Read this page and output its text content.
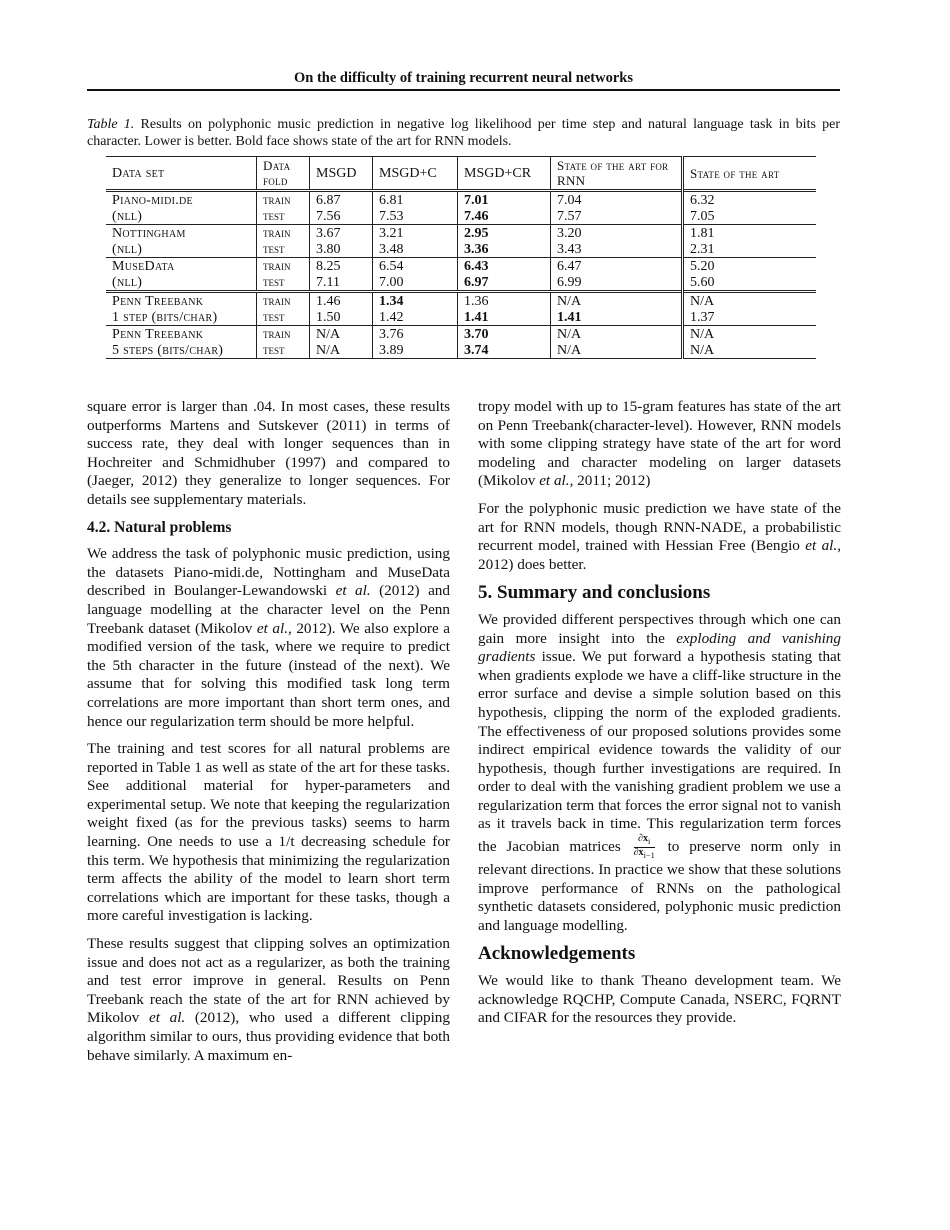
On the difficulty of training recurrent neural networks
Table 1. Results on polyphonic music prediction in negative log likelihood per time step and natural language task in bits per character. Lower is better. Bold face shows state of the art for RNN models.
Data set	Data fold	MSGD	MSGD+C	MSGD+CR	State of the art for RNN	State of the art
Piano-midi.de	train	6.87	6.81	7.01	7.04	6.32
(nll)	test	7.56	7.53	7.46	7.57	7.05
Nottingham	train	3.67	3.21	2.95	3.20	1.81
(nll)	test	3.80	3.48	3.36	3.43	2.31
MuseData	train	8.25	6.54	6.43	6.47	5.20
(nll)	test	7.11	7.00	6.97	6.99	5.60
Penn Treebank	train	1.46	1.34	1.36	N/A	N/A
1 step (bits/char)	test	1.50	1.42	1.41	1.41	1.37
Penn Treebank	train	N/A	3.76	3.70	N/A	N/A
5 steps (bits/char)	test	N/A	3.89	3.74	N/A	N/A

square error is larger than .04. In most cases, these results outperforms Martens and Sutskever (2011) in terms of success rate, they deal with longer sequences than in Hochreiter and Schmidhuber (1997) and compared to (Jaeger, 2012) they generalize to longer sequences. For details see supplementary materials.

4.2. Natural problems

We address the task of polyphonic music prediction, using the datasets Piano-midi.de, Nottingham and MuseData described in Boulanger-Lewandowski et al. (2012) and language modelling at the character level on the Penn Treebank dataset (Mikolov et al., 2012). We also explore a modified version of the task, where we require to predict the 5th character in the future (instead of the next). We assume that for solving this modified task long term correlations are more important than short term ones, and hence our regularization term should be more helpful.

The training and test scores for all natural problems are reported in Table 1 as well as state of the art for these tasks. See additional material for hyper-parameters and experimental setup. We note that keeping the regularization weight fixed (as for the previous tasks) seems to harm learning. One needs to use a 1/t decreasing schedule for this term. We hypothesis that minimizing the regularization term affects the ability of the model to learn short term correlations which are important for these tasks, though a more careful investigation is lacking.

These results suggest that clipping solves an optimization issue and does not act as a regularizer, as both the training and test error improve in general. Results on Penn Treebank reach the state of the art for RNN achieved by Mikolov et al. (2012), who used a different clipping algorithm similar to ours, thus providing evidence that both behave similarly. A maximum en-

tropy model with up to 15-gram features has state of the art on Penn Treebank(character-level). However, RNN models with some clipping strategy have state of the art for word modeling and character modeling on larger datasets (Mikolov et al., 2011; 2012)

For the polyphonic music prediction we have state of the art for RNN models, though RNN-NADE, a probabilistic recurrent model, trained with Hessian Free (Bengio et al., 2012) does better.

5. Summary and conclusions

We provided different perspectives through which one can gain more insight into the exploding and vanishing gradients issue. We put forward a hypothesis stating that when gradients explode we have a cliff-like structure in the error surface and devise a simple solution based on this hypothesis, clipping the norm of the exploded gradients. The effectiveness of our proposed solutions provides some indirect empirical evidence towards the validity of our hypothesis, though further investigations are required. In order to deal with the vanishing gradient problem we use a regularization term that forces the error signal not to vanish as it travels back in time. This regularization term forces the Jacobian matrices $\frac{\partial x_i}{\partial x_{i-1}}$ to preserve norm only in relevant directions. In practice we show that these solutions improve performance of RNNs on the pathological synthetic datasets considered, polyphonic music prediction and language modelling.

Acknowledgements

We would like to thank Theano development team. We acknowledge RQCHP, Compute Canada, NSERC, FQRNT and CIFAR for the resources they provide.
